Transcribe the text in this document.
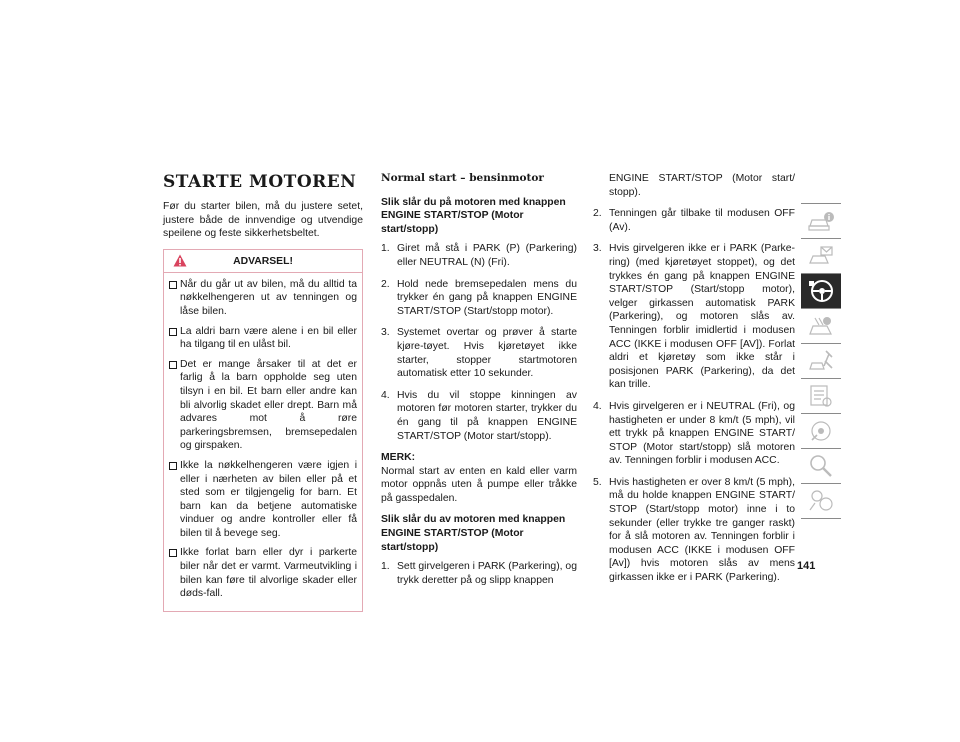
STARTE MOTOREN

Før du starter bilen, må du justere setet, justere både de innvendige og utvendige speilene og feste sikkerhetsbeltet.

ADVARSEL!
Når du går ut av bilen, må du alltid ta nøkkelhengeren ut av tenningen og låse bilen.
La aldri barn være alene i en bil eller ha tilgang til en ulåst bil.
Det er mange årsaker til at det er farlig å la barn oppholde seg uten tilsyn i en bil. Et barn eller andre kan bli alvorlig skadet eller drept. Barn må advares mot å røre parkeringsbremsen, bremsepedalen og girspaken.
Ikke la nøkkelhengeren være igjen i eller i nærheten av bilen eller på et sted som er tilgjengelig for barn. Et barn kan da betjene automatiske vinduer og andre kontroller eller få bilen til å bevege seg.
Ikke forlat barn eller dyr i parkerte biler når det er varmt. Varmeutvikling i bilen kan føre til alvorlige skader eller døds-fall.
Normal start – bensinmotor
Slik slår du på motoren med knappen ENGINE START/STOP (Motor start/stopp)
1. Giret må stå i PARK (P) (Parkering) eller NEUTRAL (N) (Fri).
2. Hold nede bremsepedalen mens du trykker én gang på knappen ENGINE START/STOP (Start/stopp motor).
3. Systemet overtar og prøver å starte kjøre-tøyet. Hvis kjøretøyet ikke starter, stopper startmotoren automatisk etter 10 sekunder.
4. Hvis du vil stoppe kinningen av motoren før motoren starter, trykker du én gang til på knappen ENGINE START/STOP (Motor start/stopp).
MERK:

Normal start av enten en kald eller varm motor oppnås uten å pumpe eller tråkke på gasspedalen.

Slik slår du av motoren med knappen ENGINE START/STOP (Motor start/stopp)
1. Sett girvelgeren i PARK (Parkering), og trykk deretter på og slipp knappen
ENGINE START/STOP (Motor start/ stopp).
2. Tenningen går tilbake til modusen OFF (Av).
3. Hvis girvelgeren ikke er i PARK (Parke-ring) (med kjøretøyet stoppet), og det trykkes én gang på knappen ENGINE START/STOP (Start/stopp motor), velger girkassen automatisk PARK (Parkering), og motoren slås av. Tenningen forblir imidlertid i modusen ACC (IKKE i modusen OFF [AV]). Forlat aldri et kjøretøy som ikke står i posisjonen PARK (Parkering), da det kan trille.
4. Hvis girvelgeren er i NEUTRAL (Fri), og hastigheten er under 8 km/t (5 mph), vil ett trykk på knappen ENGINE START/ STOP (Motor start/stopp) slå motoren av. Tenningen forblir i modusen ACC.
5. Hvis hastigheten er over 8 km/t (5 mph), må du holde knappen ENGINE START/ STOP (Start/stopp motor) inne i to sekunder (eller trykke tre ganger raskt) for å slå motoren av. Tenningen forblir i modusen ACC (IKKE i modusen OFF [Av]) hvis motoren slås av mens girkassen ikke er i PARK (Parkering).
141
